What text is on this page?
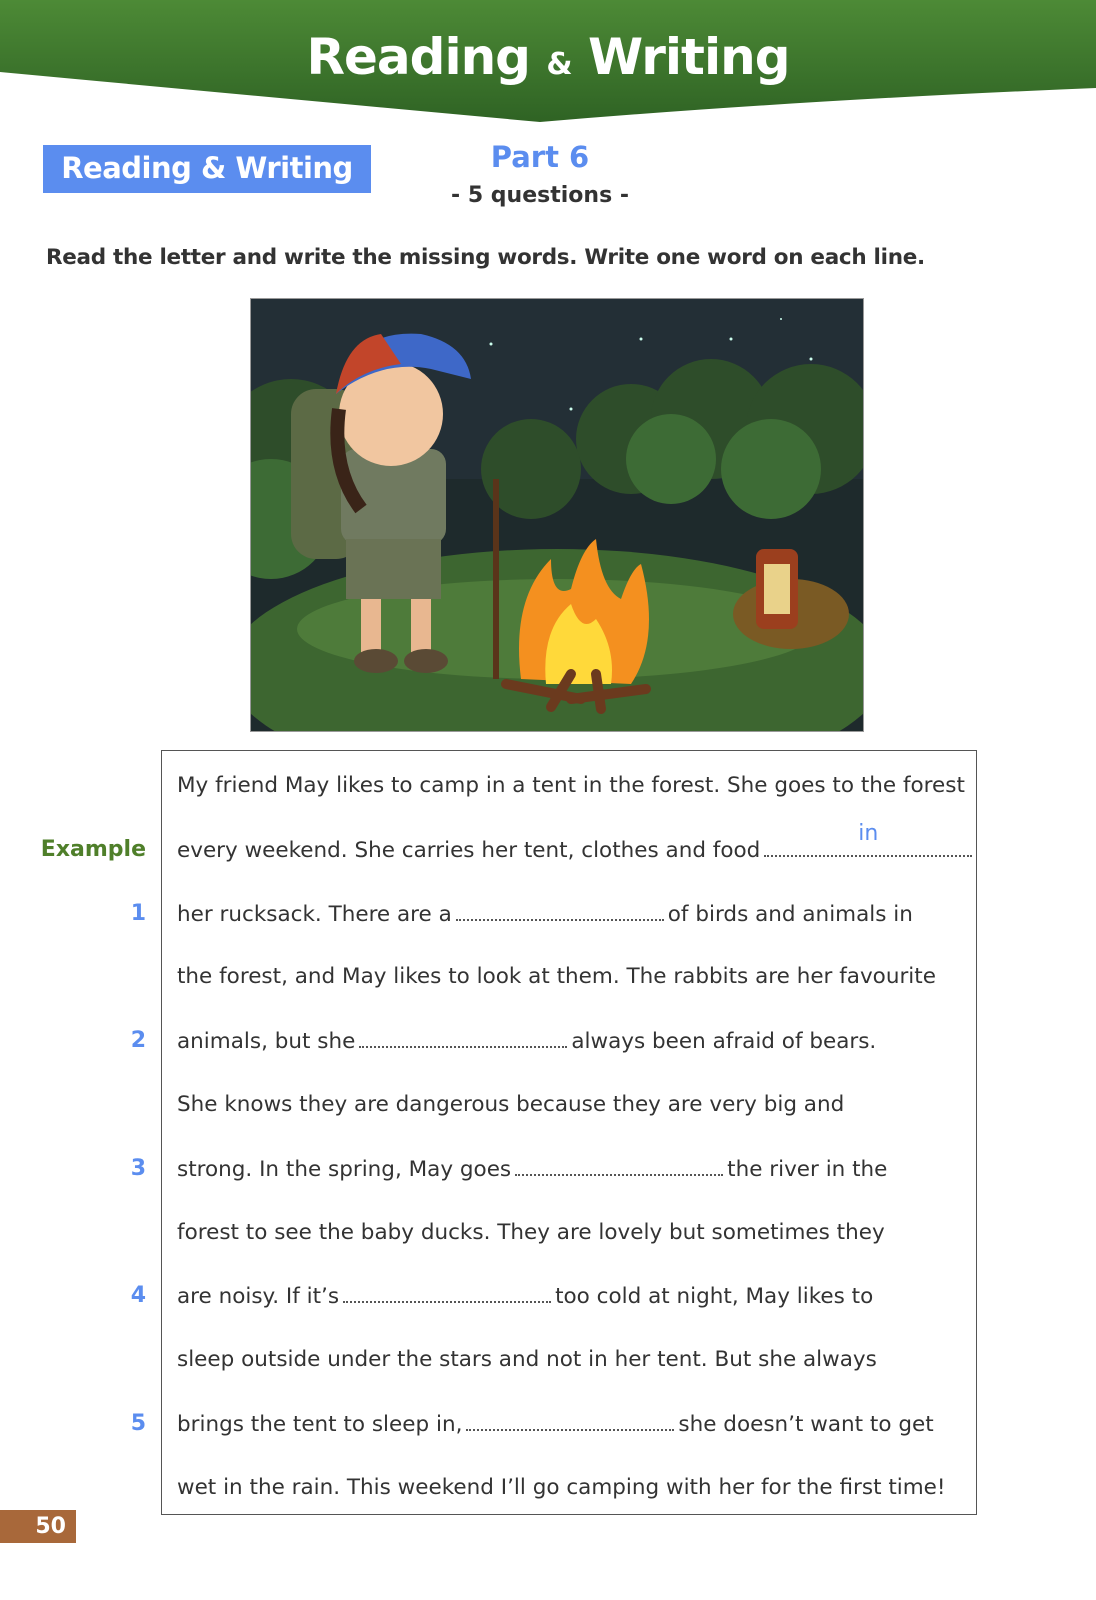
Reading & Writing
Reading & Writing	Part 6
- 5 questions -
Read the letter and write the missing words. Write one word on each line.
My friend May likes to camp in a tent in the forest. She goes to the forest
Example every weekend. She carries her tent, clothes and food
in
1 her rucksack. There are a	of birds and animals in
the forest, and May likes to look at them. The rabbits are her favourite
2 animals, but she	always been afraid of bears.
She knows they are dangerous because they are very big and
3 strong. In the spring, May goes	the river in the
forest to see the baby ducks. They are lovely but sometimes they
4 are noisy. If it’s	too cold at night, May likes to
sleep outside under the stars and not in her tent. But she always
5 brings the tent to sleep in,	she doesn’t want to get
wet in the rain. This weekend I’ll go camping with her for the first time!
50
